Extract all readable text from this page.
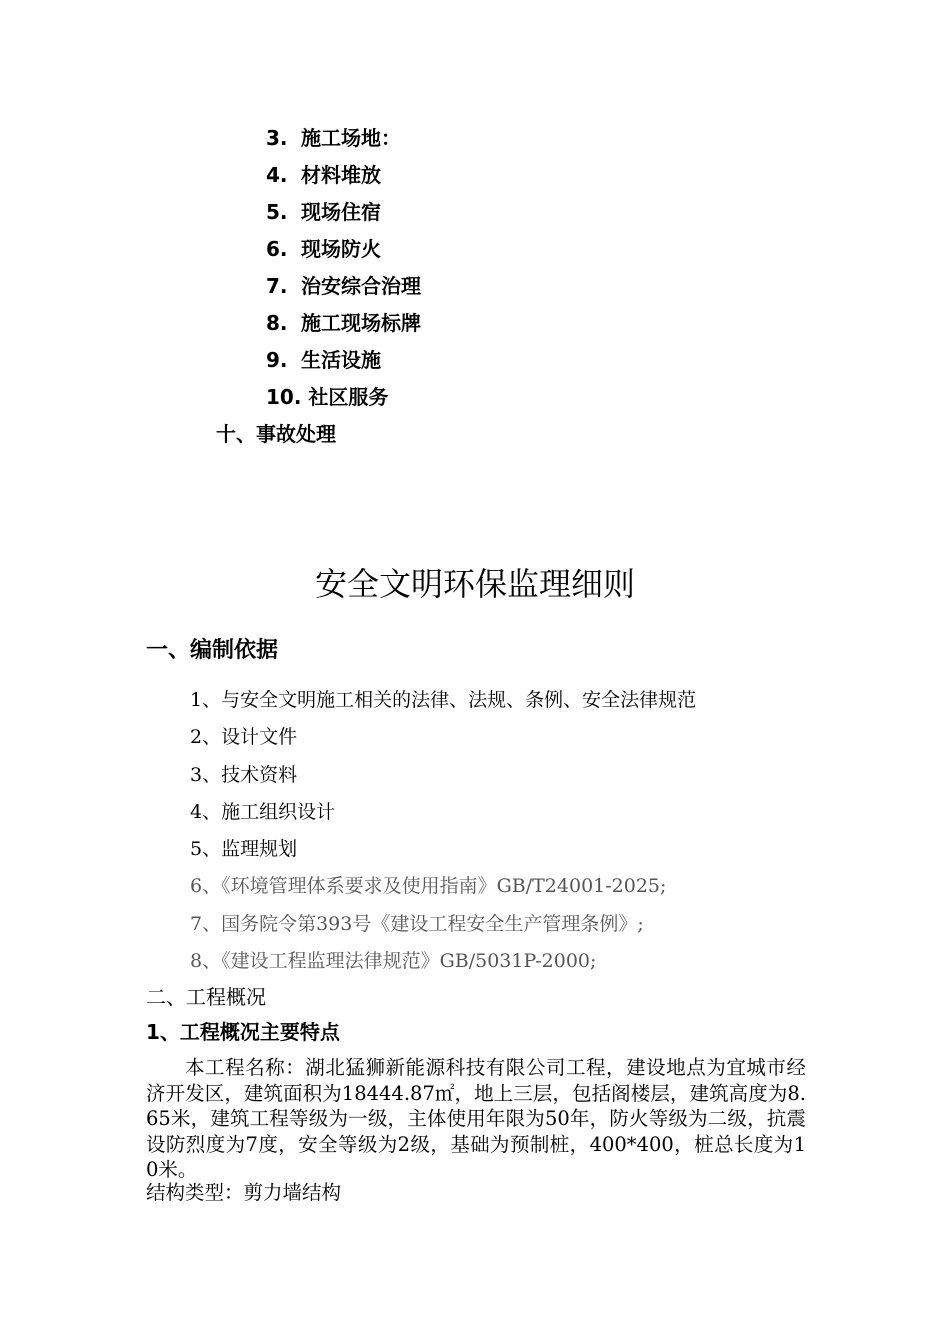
3. 施工场地：
4. 材料堆放
5. 现场住宿
6. 现场防火
7. 治安综合治理
8. 施工现场标牌
9. 生活设施
10. 社区服务
十、事故处理
安全文明环保监理细则
一、编制依据
1、与安全文明施工相关的法律、法规、条例、安全法律规范
2、设计文件
3、技术资料
4、施工组织设计
5、监理规划
6、《环境管理体系要求及使用指南》GB/T24001-2025;
7、国务院令第393号《建设工程安全生产管理条例》;
8、《建设工程监理法律规范》GB/5031P-2000;
二、工程概况
1、工程概况主要特点

本工程名称：湖北猛狮新能源科技有限公司工程，建设地点为宜城市经济开发区，建筑面积为18444.87㎡，地上三层，包括阁楼层，建筑高度为8.65米，建筑工程等级为一级，主体使用年限为50年，防火等级为二级，抗震设防烈度为7度，安全等级为2级，基础为预制桩，400*400，桩总长度为10米。

结构类型：剪力墙结构
